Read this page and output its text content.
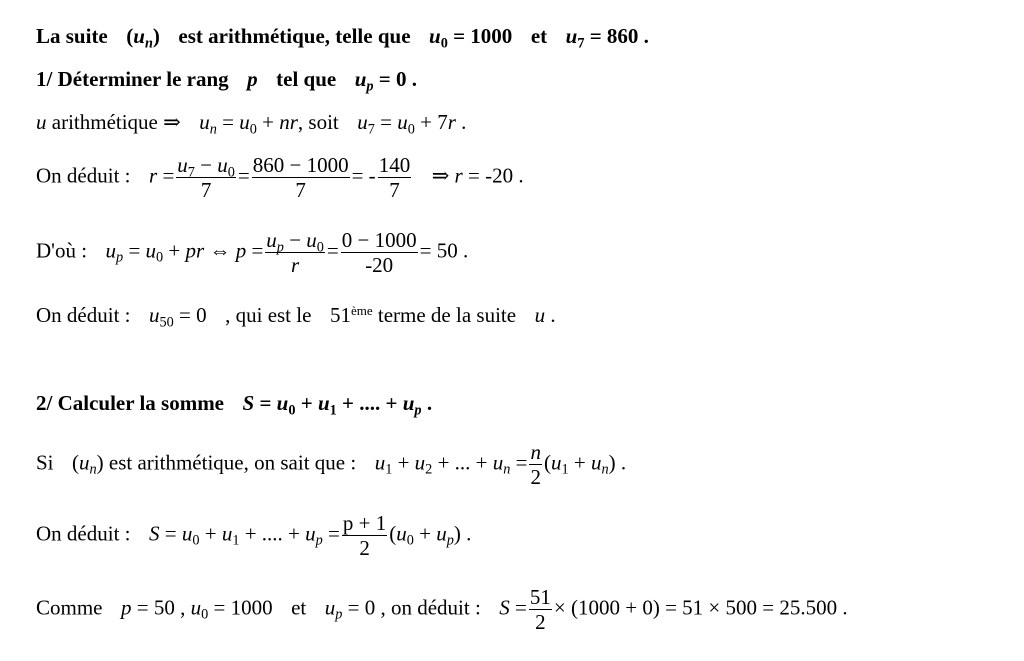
La suite $(u_n)$ est arithmétique, telle que $u_0 = 1000$ et $u_7 = 860$ .
1/ Déterminer le rang p tel que $u_p = 0$ .
u arithmétique ⇒ $u_n = u_0$ + nr, soit $u_7 = u_0 + 7r$ .
On déduit : $r = \frac{u_7 - u_0}{7} = \frac{860 - 1000}{7}$ = - $\frac{140}{7}$ ⇒ r = -20 .
D'où : $u_p = u_0$ + pr ⇔ $p = \frac{u_p - u_0}{r} = \frac{0 - 1000}{-20} = 50$ .
On déduit : $u_{50} = 0$ , qui est le 51ème terme de la suite u .
2/ Calculer la somme $S = u_0 + u_1$ + .... + $u_p$ .
Si $(u_n)$ est arithmétique, on sait que : $u_1 + u_2$ + ... + $u_n = \frac{n}{2} (u_1 + u_n)$ .
On déduit : $S = u_0 + u_1$ + .... + $u_p = \frac{p + 1}{2} (u_0 + u_p)$ .
Comme p = 50 , $u_0 = 1000$ et $u_p = 0$ , on déduit : $S = \frac{51}{2} \times (1000 + 0) = 51 \times 500 = 25.500$ .
